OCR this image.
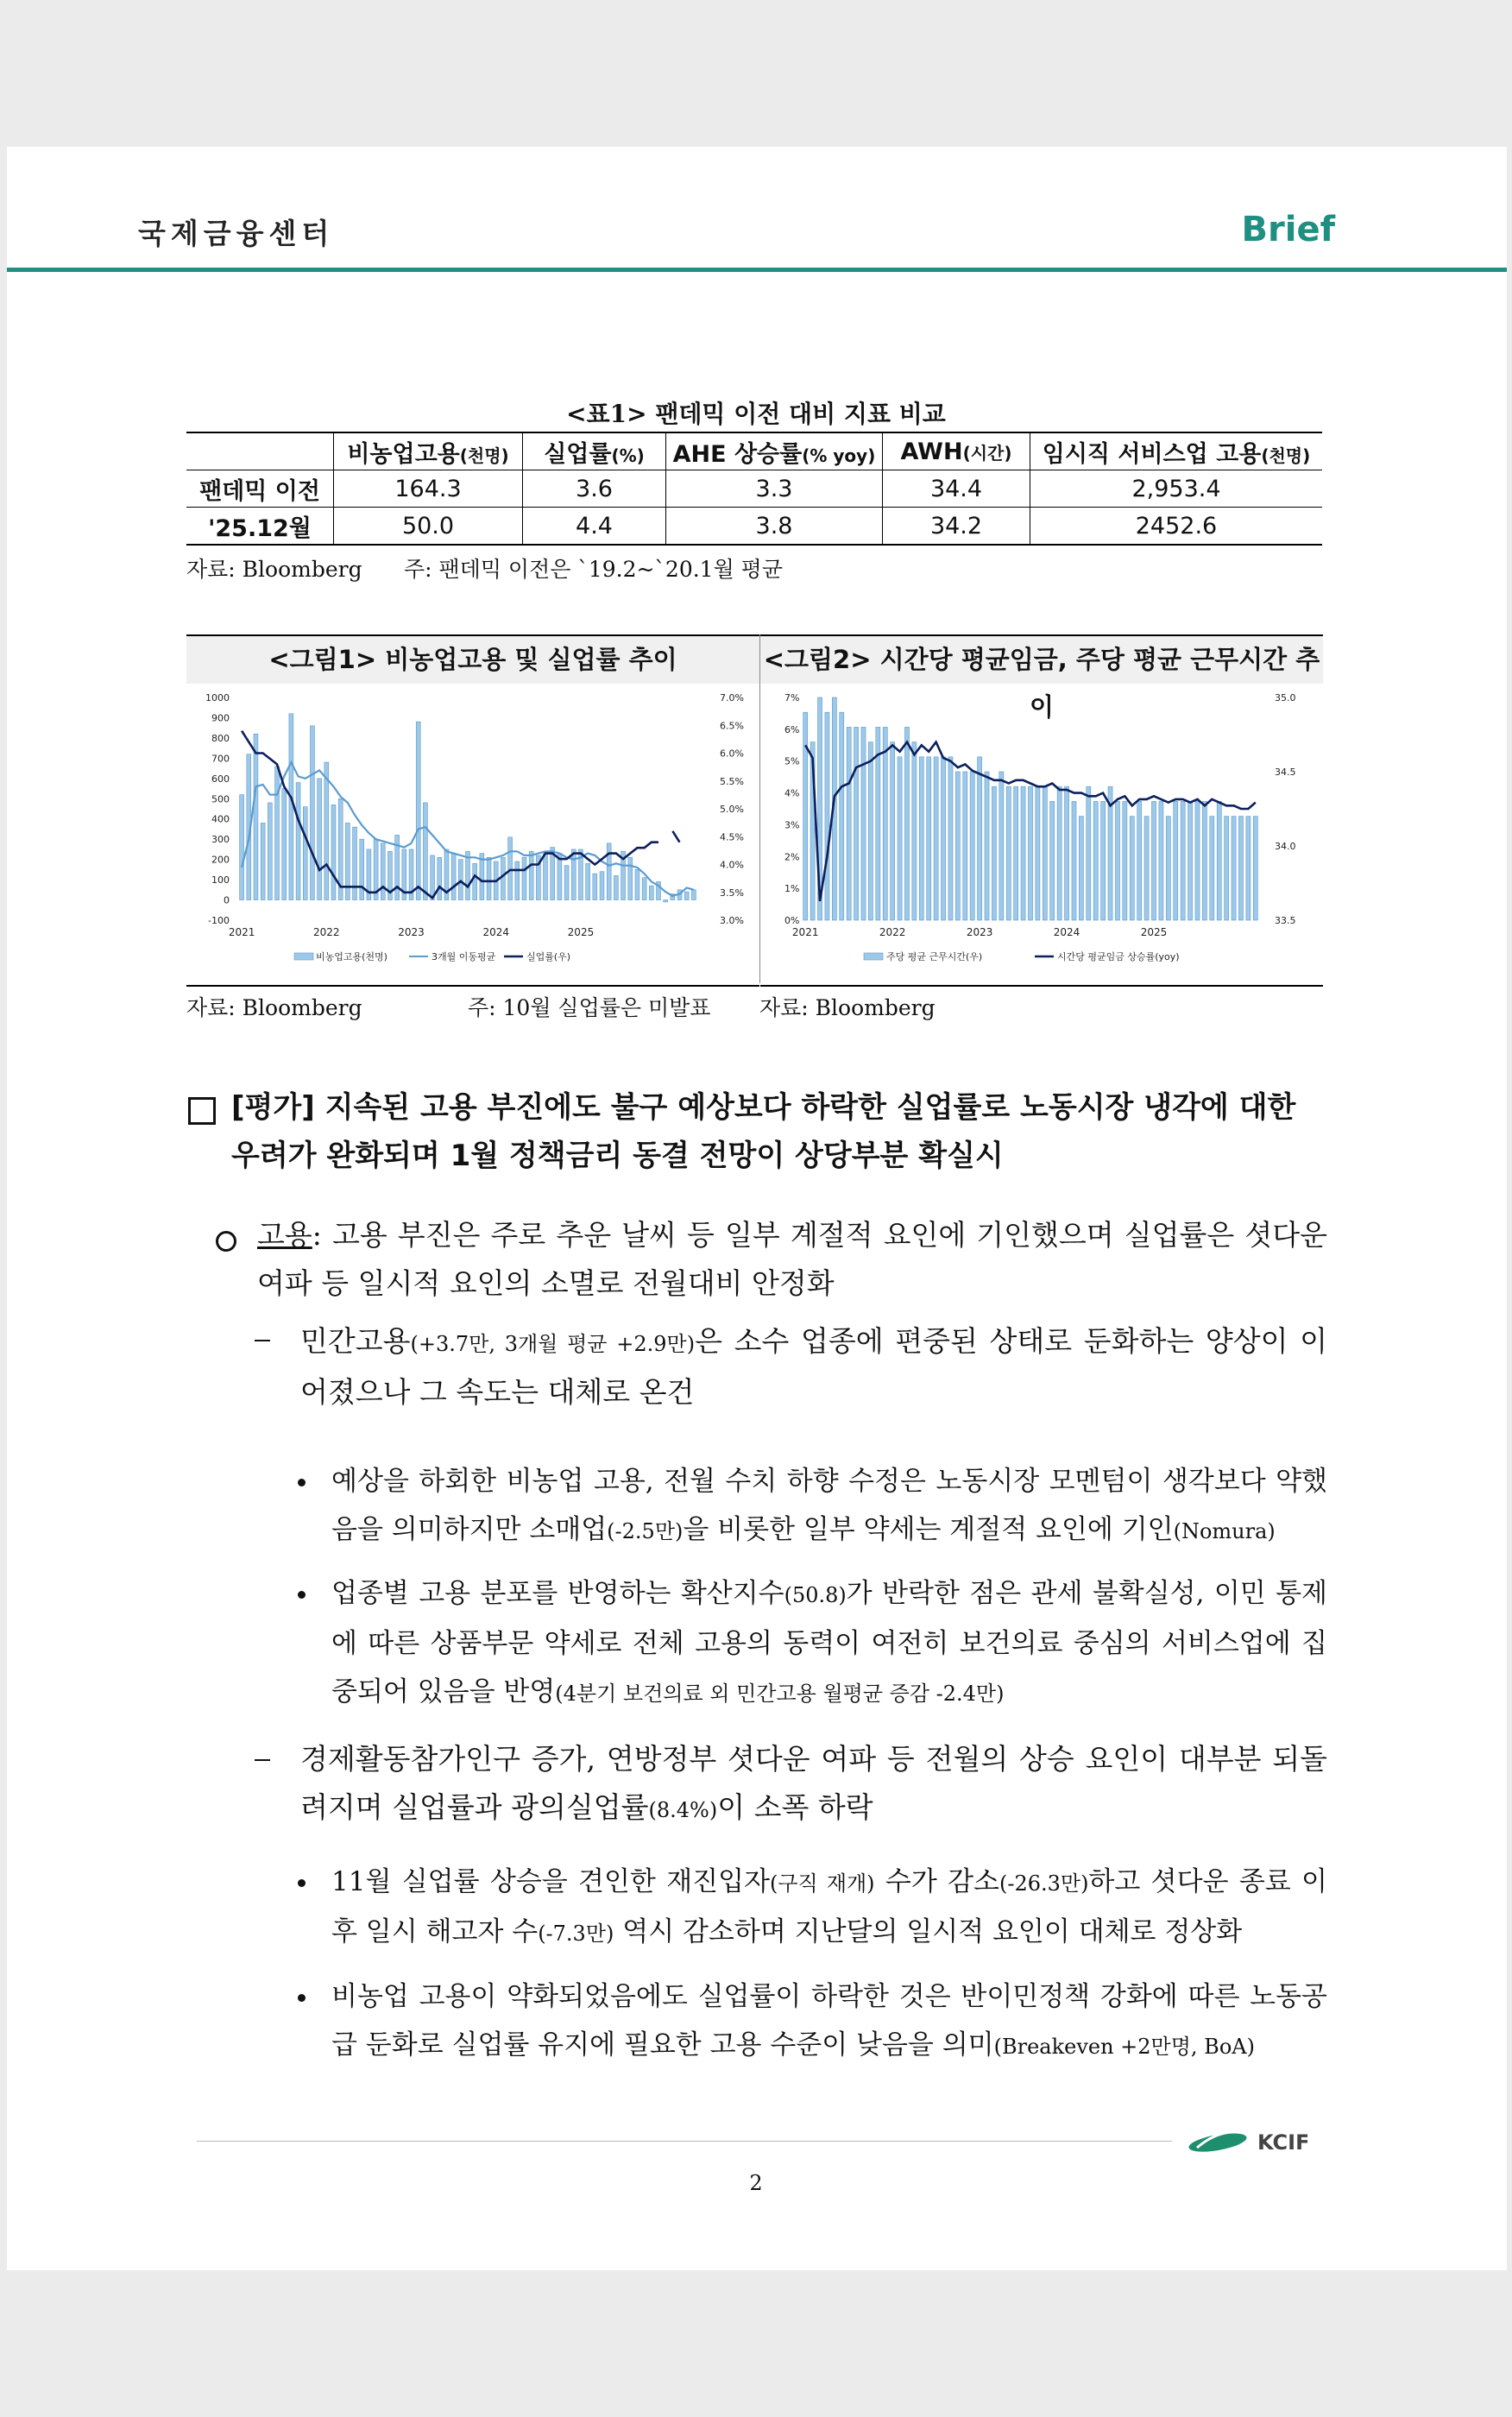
국제금융센터	Brief
<표1> 팬데믹 이전 대비 지표 비교
	비농업고용(천명)	실업률(%)	AHE 상승률(% yoy)	AWH(시간)	임시직 서비스업 고용(천명)
팬데믹 이전	164.3	3.6	3.3	34.4	2,953.4
'25.12월	50.0	4.4	3.8	34.2	2452.6
자료: Bloomberg 주: 팬데믹 이전은 `19.2~`20.1월 평균
<그림1> 비농업고용 및 실업률 추이
1000
900
800
700
600
500
400
300
200
100
0
-100
7.0%
6.5%
6.0%
5.5%
5.0%
4.5%
4.0%
3.5%
3.0%
2021	2022	2023	2024	2025
비농업고용(천명)	3개월 이동평균	실업률(우)
<그림2> 시간당 평균임금, 주당 평균 근무시간 추이
7%
6%
5%
4%
3%
2%
1%
0%
35.0
34.5
34.0
33.5
2021	2022	2023	2024	2025
주당 평균 근무시간(우)	시간당 평균임금 상승률(yoy)
자료: Bloomberg	주: 10월 실업률은 미발표 자료: Bloomberg
[평가] 지속된 고용 부진에도 불구 예상보다 하락한 실업률로 노동시장 냉각에 대한 우려가 완화되며 1월 정책금리 동결 전망이 상당부분 확실시
고용: 고용 부진은 주로 추운 날씨 등 일부 계절적 요인에 기인했으며 실업률은 셧다운 여파 등 일시적 요인의 소멸로 전월대비 안정화
민간고용(+3.7만, 3개월 평균 +2.9만)은 소수 업종에 편중된 상태로 둔화하는 양상이 이어졌으나 그 속도는 대체로 온건
예상을 하회한 비농업 고용, 전월 수치 하향 수정은 노동시장 모멘텀이 생각보다 약했음을 의미하지만 소매업(-2.5만)을 비롯한 일부 약세는 계절적 요인에 기인(Nomura)
업종별 고용 분포를 반영하는 확산지수(50.8)가 반락한 점은 관세 불확실성, 이민 통제에 따른 상품부문 약세로 전체 고용의 동력이 여전히 보건의료 중심의 서비스업에 집중되어 있음을 반영(4분기 보건의료 외 민간고용 월평균 증감 -2.4만)
경제활동참가인구 증가, 연방정부 셧다운 여파 등 전월의 상승 요인이 대부분 되돌려지며 실업률과 광의실업률(8.4%)이 소폭 하락
11월 실업률 상승을 견인한 재진입자(구직 재개) 수가 감소(-26.3만)하고 셧다운 종료 이후 일시 해고자 수(-7.3만) 역시 감소하며 지난달의 일시적 요인이 대체로 정상화
비농업 고용이 약화되었음에도 실업률이 하락한 것은 반이민정책 강화에 따른 노동공급 둔화로 실업률 유지에 필요한 고용 수준이 낮음을 의미(Breakeven +2만명, BoA)
KCIF
2
